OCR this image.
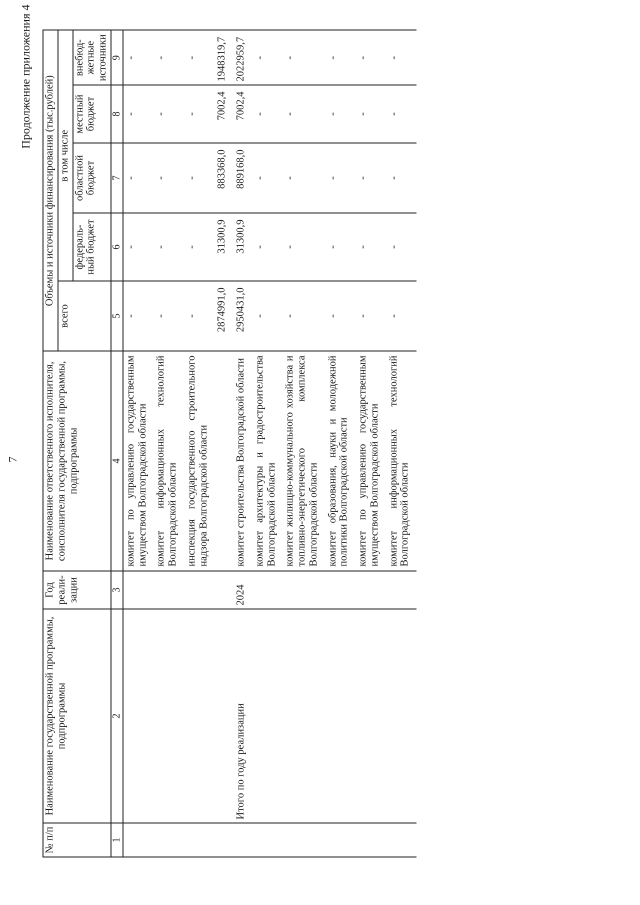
7
Продолжение приложения 4
№ п/п	Наименование государственной программы, подпрограммы	Год реали-зации	Наименование ответственного исполнителя, соисполнителя государственной программы, подпрограммы	Объемы и источники финансирования (тыс.рублей)				
				всего	в том числе			
					федераль-ный бюджет	областной бюджет	местный бюджет	внебюд-жетные источники
1	2	3	4	5	6	7	8	9
			комитет по управлению государственным имуществом Волгоградской области	-	-	-	-	-
			комитет информационных технологий Волгоградской области	-	-	-	-	-
			инспекция государственного строительного надзора Волгоградской области	-	-	-	-	-
				2874991,0	31300,9	883368,0	7002,4	1948319,7
	Итого по году реализации	2024	комитет строительства Волгоградской области	2950431,0	31300,9	889168,0	7002,4	2022959,7
			комитет архитектуры и градостроительства Волгоградской области	-	-	-	-	-
			комитет жилищно-коммунального хозяйства и топливно-энергетического комплекса Волгоградской области	-	-	-	-	-
			комитет образования, науки и молодежной политики Волгоградской области	-	-	-	-	-
			комитет по управлению государственным имуществом Волгоградской области	-	-	-	-	-
			комитет информационных технологий Волгоградской области	-	-	-	-	-
